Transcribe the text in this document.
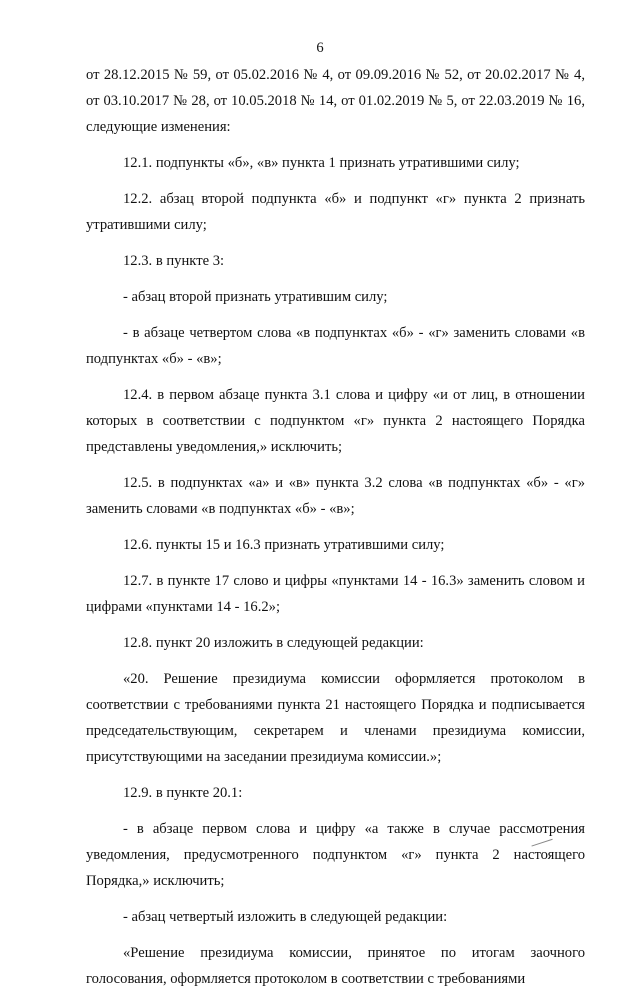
6

от 28.12.2015 № 59, от 05.02.2016 № 4, от 09.09.2016 № 52, от 20.02.2017 № 4, от 03.10.2017 № 28, от 10.05.2018 № 14, от 01.02.2019 № 5, от 22.03.2019 № 16, следующие изменения:

12.1. подпункты «б», «в» пункта 1 признать утратившими силу;

12.2. абзац второй подпункта «б» и подпункт «г» пункта 2 признать утратившими силу;

12.3. в пункте 3:

- абзац второй признать утратившим силу;

- в абзаце четвертом слова «в подпунктах «б» - «г» заменить словами «в подпунктах «б» - «в»;

12.4. в первом абзаце пункта 3.1 слова и цифру «и от лиц, в отношении которых в соответствии с подпунктом «г» пункта 2 настоящего Порядка представлены уведомления,» исключить;

12.5. в подпунктах «а» и «в» пункта 3.2 слова «в подпунктах «б» - «г» заменить словами «в подпунктах «б» - «в»;

12.6. пункты 15 и 16.3 признать утратившими силу;

12.7. в пункте 17 слово и цифры «пунктами 14 - 16.3» заменить словом и цифрами «пунктами 14 - 16.2»;

12.8. пункт 20 изложить в следующей редакции:

«20. Решение президиума комиссии оформляется протоколом в соответствии с требованиями пункта 21 настоящего Порядка и подписывается председательствующим, секретарем и членами президиума комиссии, присутствующими на заседании президиума комиссии.»;

12.9. в пункте 20.1:

- в абзаце первом слова и цифру «а также в случае рассмотрения уведомления, предусмотренного подпунктом «г» пункта 2 настоящего Порядка,» исключить;

- абзац четвертый изложить в следующей редакции:

«Решение президиума комиссии, принятое по итогам заочного голосования, оформляется протоколом в соответствии с требованиями
